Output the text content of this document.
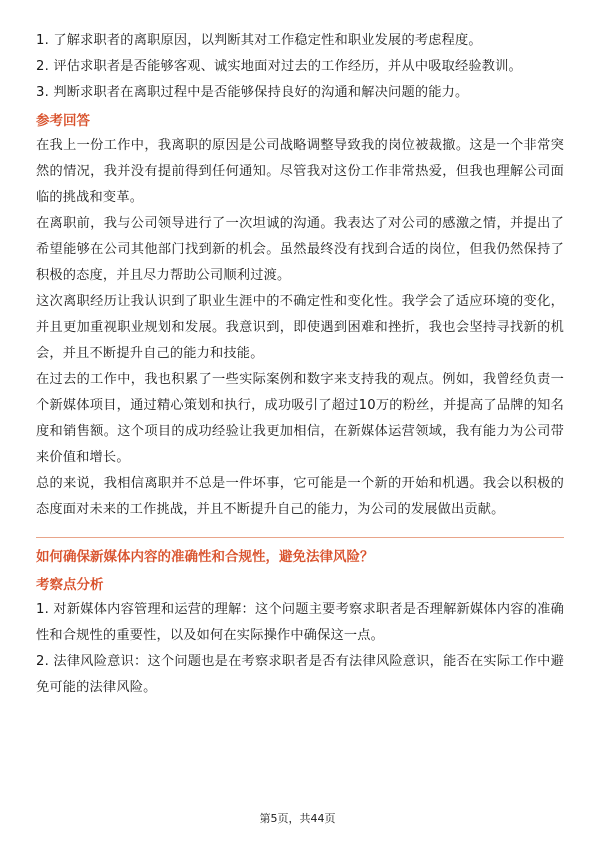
1. 了解求职者的离职原因，以判断其对工作稳定性和职业发展的考虑程度。

2. 评估求职者是否能够客观、诚实地面对过去的工作经历，并从中吸取经验教训。

3. 判断求职者在离职过程中是否能够保持良好的沟通和解决问题的能力。

参考回答

在我上一份工作中，我离职的原因是公司战略调整导致我的岗位被裁撤。这是一个非常突然的情况，我并没有提前得到任何通知。尽管我对这份工作非常热爱，但我也理解公司面临的挑战和变革。

在离职前，我与公司领导进行了一次坦诚的沟通。我表达了对公司的感激之情，并提出了希望能够在公司其他部门找到新的机会。虽然最终没有找到合适的岗位，但我仍然保持了积极的态度，并且尽力帮助公司顺利过渡。

这次离职经历让我认识到了职业生涯中的不确定性和变化性。我学会了适应环境的变化，并且更加重视职业规划和发展。我意识到，即使遇到困难和挫折，我也会坚持寻找新的机会，并且不断提升自己的能力和技能。

在过去的工作中，我也积累了一些实际案例和数字来支持我的观点。例如，我曾经负责一个新媒体项目，通过精心策划和执行，成功吸引了超过10万的粉丝，并提高了品牌的知名度和销售额。这个项目的成功经验让我更加相信，在新媒体运营领域，我有能力为公司带来价值和增长。

总的来说，我相信离职并不总是一件坏事，它可能是一个新的开始和机遇。我会以积极的态度面对未来的工作挑战，并且不断提升自己的能力，为公司的发展做出贡献。

如何确保新媒体内容的准确性和合规性，避免法律风险？
考察点分析

1. 对新媒体内容管理和运营的理解：这个问题主要考察求职者是否理解新媒体内容的准确性和合规性的重要性，以及如何在实际操作中确保这一点。

2. 法律风险意识：这个问题也是在考察求职者是否有法律风险意识，能否在实际工作中避免可能的法律风险。

第5页，共44页
